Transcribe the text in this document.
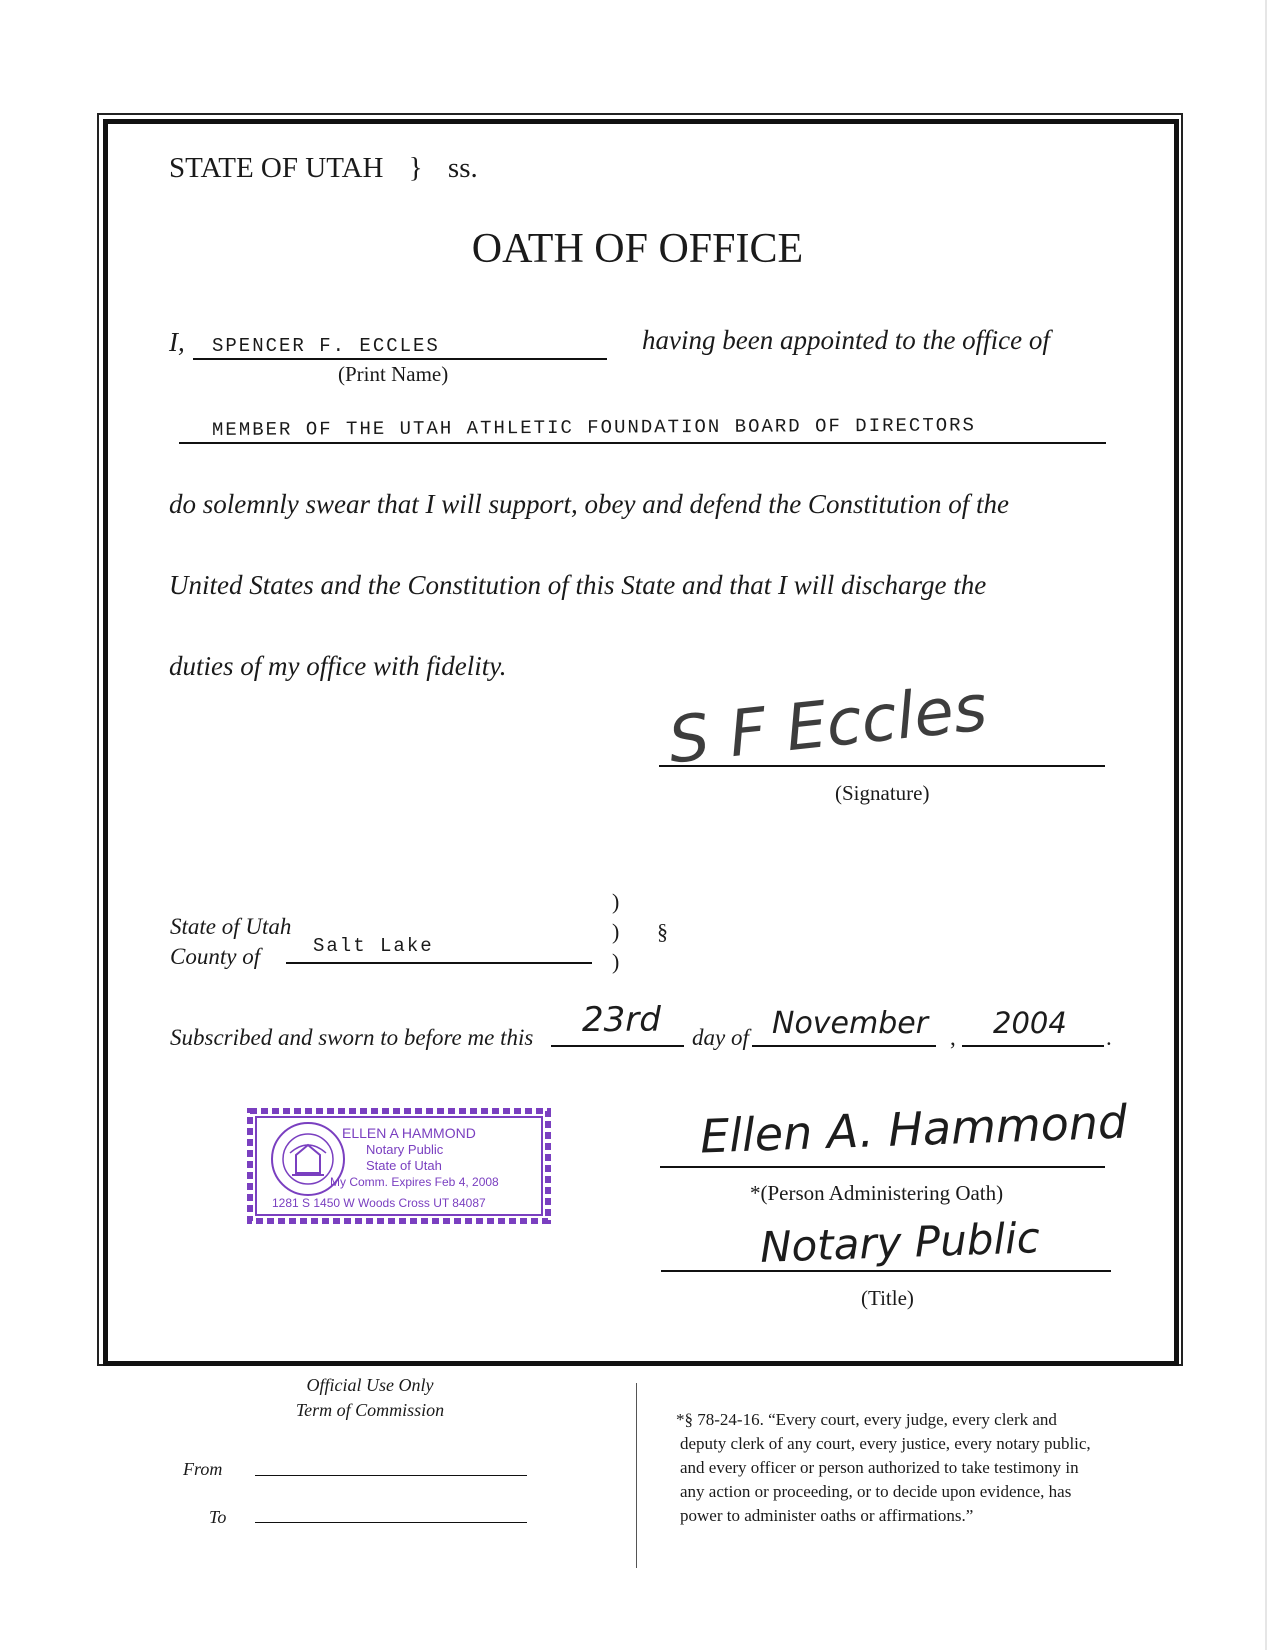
STATE OF UTAH } ss.
OATH OF OFFICE
I, SPENCER F. ECCLES
(Print Name)
having been appointed to the office of
MEMBER OF THE UTAH ATHLETIC FOUNDATION BOARD OF DIRECTORS
do solemnly swear that I will support, obey and defend the Constitution of the
United States and the Constitution of this State and that I will discharge the
duties of my office with fidelity.
S F Eccles
(Signature)
State of Utah
County of	Salt Lake
)
)
)
§
Subscribed and sworn to before me this 23rd day of November , 2004 .
ELLEN A HAMMOND
Notary Public
State of Utah
My Comm. Expires Feb 4, 2008
1281 S 1450 W Woods Cross UT 84087
Ellen A. Hammond
*(Person Administering Oath)
Notary Public
(Title)
Official Use Only
Term of Commission
From
To
*§ 78-24-16. “Every court, every judge, every clerk and
deputy clerk of any court, every justice, every notary public,
and every officer or person authorized to take testimony in
any action or proceeding, or to decide upon evidence, has
power to administer oaths or affirmations.”
